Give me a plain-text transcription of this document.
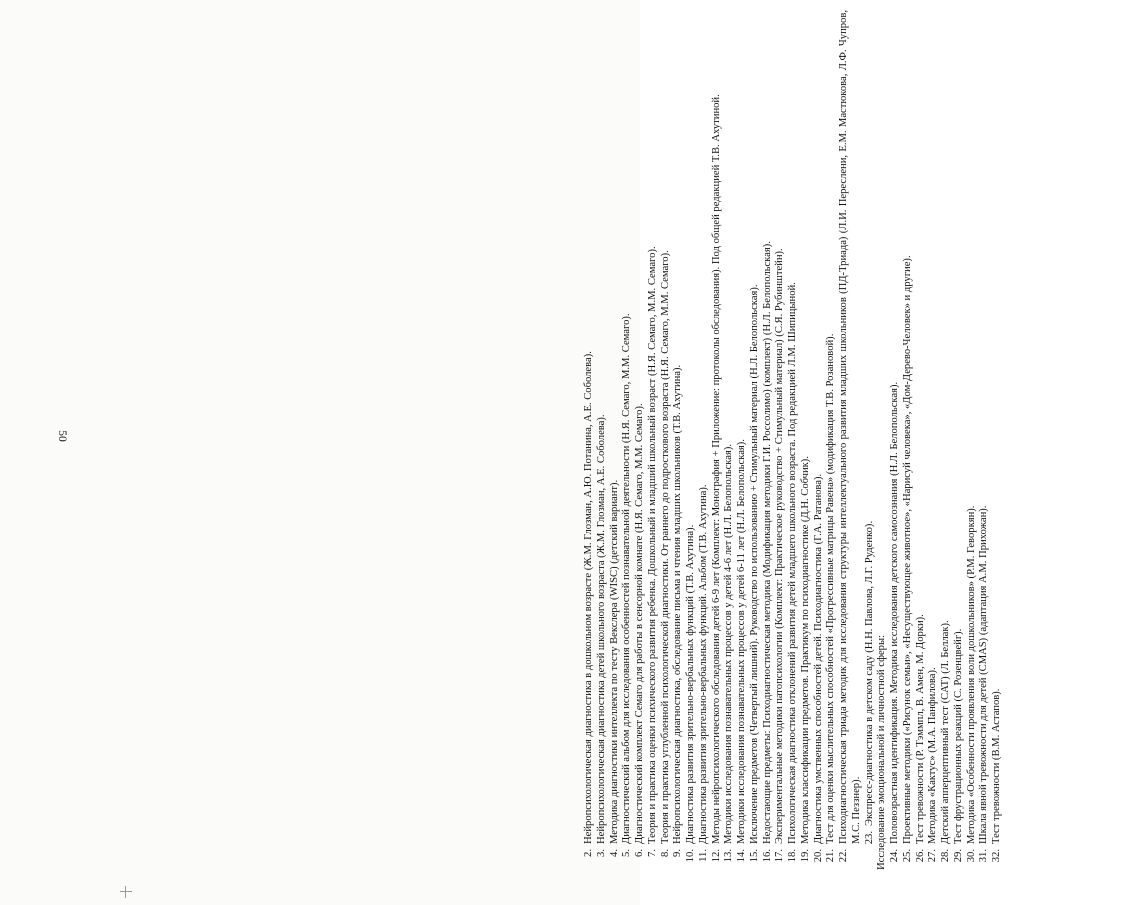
50
2.
Нейропсихологическая диагностика в дошкольном возрасте (Ж.М. Глозман, А.Ю. Потанина, А.Е. Соболева).
3.
Нейропсихологическая диагностика детей школьного возраста (Ж.М. Глозман, А.Е. Соболева).
4.
Методика диагностики интеллекта по тесту Векслера (WISC) (детский вариант).
5.
Диагностический альбом для исследования особенностей познавательной деятельности (Н.Я. Семаго, М.М. Семаго).
6.
Диагностический комплект Семаго для работы в сенсорной комнате (Н.Я. Семаго, М.М. Семаго).
7.
Теория и практика оценки психического развития ребенка. Дошкольный и младший школьный возраст (Н.Я. Семаго, М.М. Семаго).
8.
Теория и практика углубленной психологической диагностики. От раннего до подросткового возраста (Н.Я. Семаго, М.М. Семаго).
9.
Нейропсихологическая диагностика, обследование письма и чтения младших школьников (Т.В. Ахутина).
10.
Диагностика развития зрительно-вербальных функций (Т.В. Ахутина).
11.
Диагностика развития зрительно-вербальных функций. Альбом (Т.В. Ахутина).
12.
Методы нейропсихологического обследования детей 6-9 лет (Комплект: Монография + Приложение: протоколы обследования). Под общей редакцией Т.В. Ахутиной.
13.
Методики исследования познавательных процессов у детей 4-6 лет (Н.Л. Белопольская).
14.
Методики исследования познавательных процессов у детей 6-11 лет (Н.Л. Белопольская).
15.
Исключение предметов (Четвертый лишний). Руководство по использованию + Стимульный материал (Н.Л. Белопольская).
16.
Недостающие предметы: Психодиагностическая методика (Модификация методики Г.И. Россолимо) (комплект) (Н.Л. Белопольская).
17.
Экспериментальные методики патопсихологии (Комплект: Практическое руководство + Стимульный материал) (С.Я. Рубинштейн).
18.
Психологическая диагностика отклонений развития детей младшего школьного возраста. Под редакцией Л.М. Шипицыной.
19.
Методика классификации предметов. Практикум по психодиагностике (Д.Н. Собчик).
20.
Диагностика умственных способностей детей. Психодиагностика (Г.А. Ратанова).
21.
Тест для оценки мыслительных способностей «Прогрессивные матрицы Равена» (модификация Т.В. Розановой).
22.
Психодиагностическая триада методик для исследования структуры интеллектуального развития младших школьников (ПД-Триада) (Л.И. Переслени, Е.М. Мастюкова, Л.Ф. Чупров, М.С. Пеззнер). 23.
Экспресс-диагностика в детском саду (Н.Н. Павлова, Л.Г. Руденко). Исследование эмоциональной и личностной сферы: 24.
Половозрастная идентификация. Методика исследования детского самосознания (Н.Л. Белопольская).
25.
Проективные методики («Рисунок семьи», «Несуществующее животное», «Нарисуй человека», «Дом-Дерево-Человек» и другие).
26.
Тест тревожности (Р. Тэммпл, В. Амен, М. Дорки).
27.
Методика «Кактус» (М.А. Панфилова).
28.
Детский апперцептивный тест (CAT) (Л. Беллак).
29.
Тест фрустрационных реакций (С. Розенцвейг).
30.
Методика «Особенности проявления воли дошкольников» (Р.М. Геворкян).
31.
Шкала явной тревожности для детей (CMAS) (адаптация А.М. Прихожан).
32.
Тест тревожности (В.М. Астапов).
